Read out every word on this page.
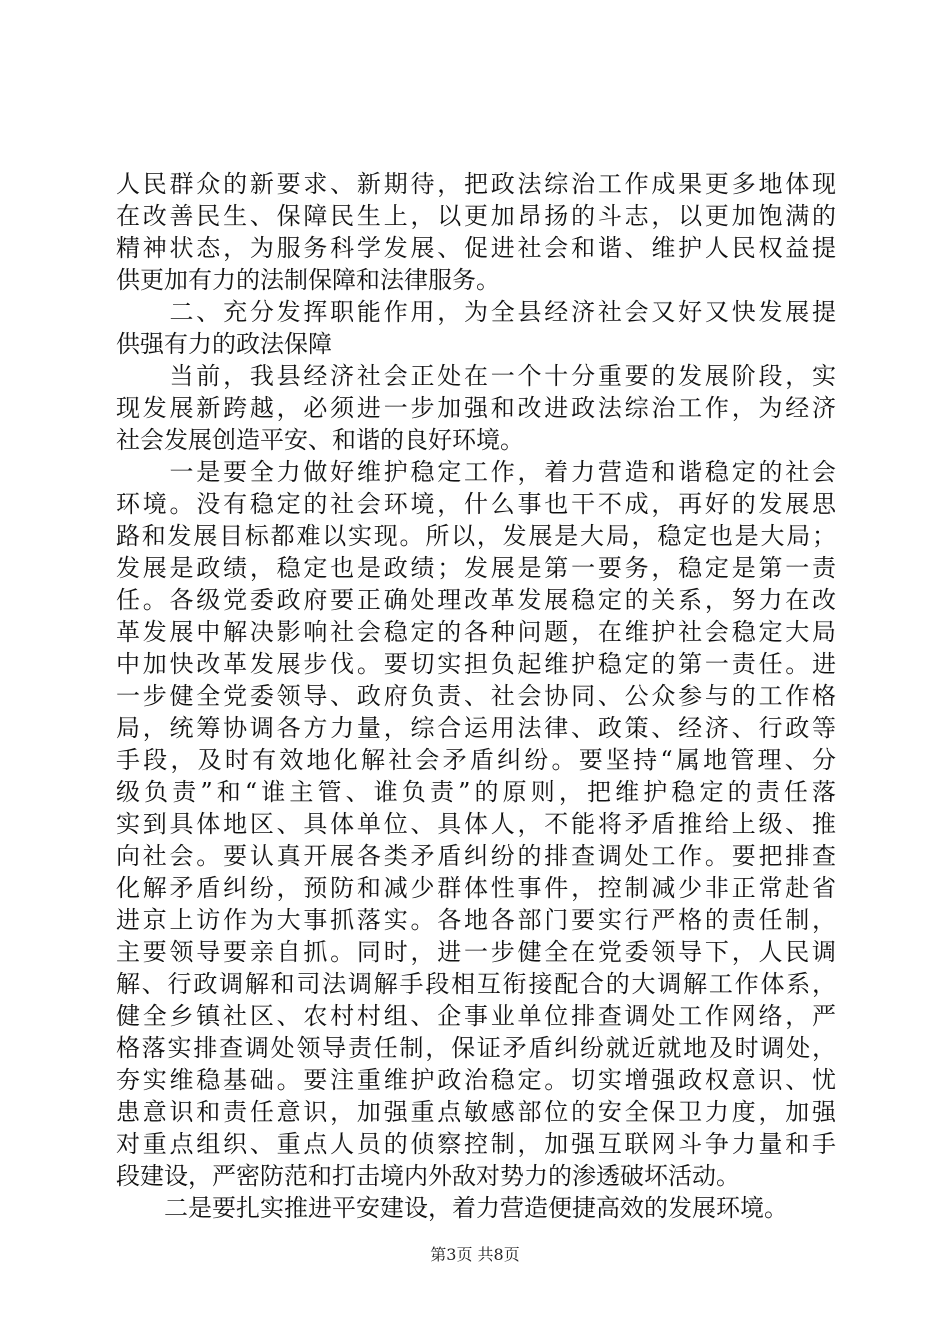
人民群众的新要求、新期待，把政法综治工作成果更多地体现
在改善民生、保障民生上，以更加昂扬的斗志，以更加饱满的
精神状态，为服务科学发展、促进社会和谐、维护人民权益提
供更加有力的法制保障和法律服务。
　　二、充分发挥职能作用，为全县经济社会又好又快发展提
供强有力的政法保障
　　当前，我县经济社会正处在一个十分重要的发展阶段，实
现发展新跨越，必须进一步加强和改进政法综治工作，为经济
社会发展创造平安、和谐的良好环境。
　　一是要全力做好维护稳定工作，着力营造和谐稳定的社会
环境。没有稳定的社会环境，什么事也干不成，再好的发展思
路和发展目标都难以实现。所以，发展是大局，稳定也是大局；
发展是政绩，稳定也是政绩；发展是第一要务，稳定是第一责
任。各级党委政府要正确处理改革发展稳定的关系，努力在改
革发展中解决影响社会稳定的各种问题，在维护社会稳定大局
中加快改革发展步伐。要切实担负起维护稳定的第一责任。进
一步健全党委领导、政府负责、社会协同、公众参与的工作格
局，统筹协调各方力量，综合运用法律、政策、经济、行政等
手段，及时有效地化解社会矛盾纠纷。要坚持“属地管理、分
级负责”和“谁主管、谁负责”的原则，把维护稳定的责任落
实到具体地区、具体单位、具体人，不能将矛盾推给上级、推
向社会。要认真开展各类矛盾纠纷的排查调处工作。要把排查
化解矛盾纠纷，预防和减少群体性事件，控制减少非正常赴省
进京上访作为大事抓落实。各地各部门要实行严格的责任制，
主要领导要亲自抓。同时，进一步健全在党委领导下，人民调
解、行政调解和司法调解手段相互衔接配合的大调解工作体系，
健全乡镇社区、农村村组、企事业单位排查调处工作网络，严
格落实排查调处领导责任制，保证矛盾纠纷就近就地及时调处，
夯实维稳基础。要注重维护政治稳定。切实增强政权意识、忧
患意识和责任意识，加强重点敏感部位的安全保卫力度，加强
对重点组织、重点人员的侦察控制，加强互联网斗争力量和手
段建设，严密防范和打击境内外敌对势力的渗透破坏活动。
　　二是要扎实推进平安建设，着力营造便捷高效的发展环境。
第3页 共8页
